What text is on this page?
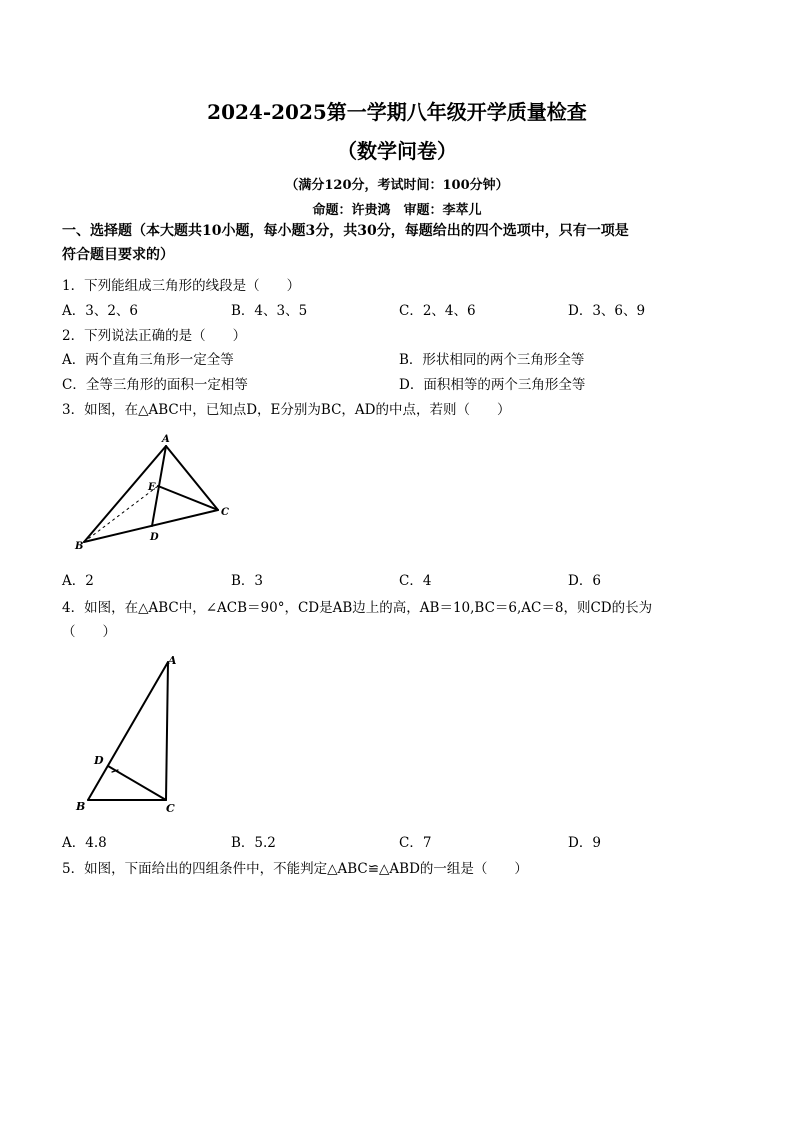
2024-2025第一学期八年级开学质量检查
（数学问卷）
（满分120分，考试时间：100分钟）
命题：许贵鸿　审题：李萃儿
一、选择题（本大题共10小题，每小题3分，共30分，每题给出的四个选项中，只有一项是
符合题目要求的）
1．下列能组成三角形的线段是（　　）
A．3、2、6	B．4、3、5	C．2、4、6	D．3、6、9
2．下列说法正确的是（　　）
A．两个直角三角形一定全等	B．形状相同的两个三角形全等
C．全等三角形的面积一定相等	D．面积相等的两个三角形全等
3．如图，在△ABC中，已知点D，E分别为BC，AD的中点，若则（　　）
A
E
C
B
D
A．2	B．3	C．4	D．6
4．如图，在△ABC中，∠ACB＝90°，CD是AB边上的高，AB＝10,BC＝6,AC＝8，则CD的长为
（　　）
A
D
B	C
A．4.8	B．5.2	C．7	D．9
5．如图，下面给出的四组条件中，不能判定△ABC≌△ABD的一组是（　　）
